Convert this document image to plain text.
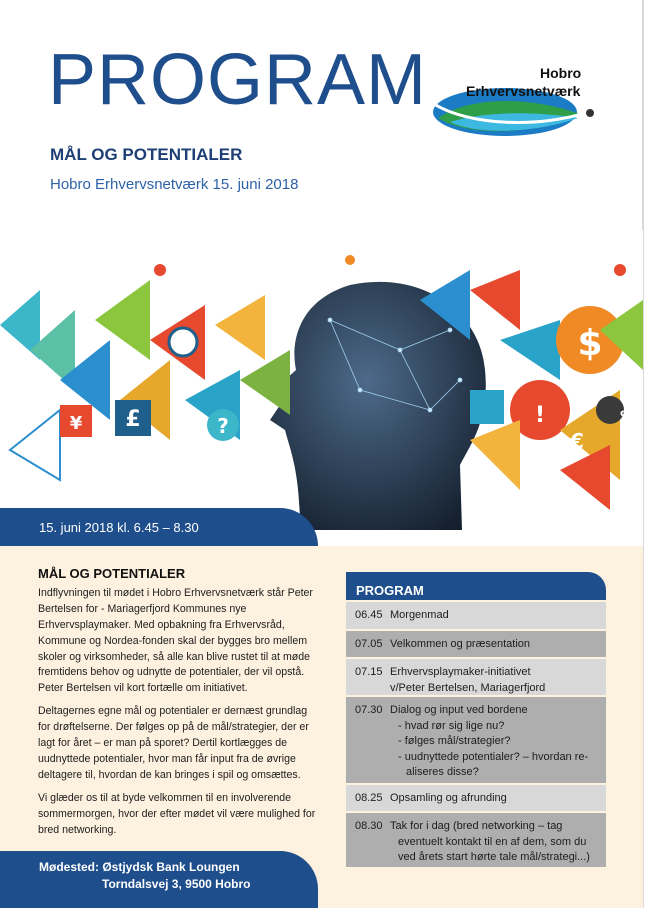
PROGRAM
MÅL OG POTENTIALER
Hobro Erhvervsnetværk 15. juni 2018
Hobro
Erhvervsnetværk
$
£
¥
€
%
!
?
15. juni 2018 kl. 6.45 – 8.30
MÅL OG POTENTIALER

Indflyvningen til mødet i Hobro Erhvervsnetværk står Peter Bertelsen for - Mariagerfjord Kommunes nye Erhvervsplaymaker. Med opbakning fra Erhvervsråd, Kommune og Nordea-fonden skal der bygges bro mellem skoler og virksomheder, så alle kan blive rustet til at møde fremtidens behov og udnytte de potentialer, der vil opstå. Peter Bertelsen vil kort fortælle om initiativet.

Deltagernes egne mål og potentialer er dernæst grundlag for drøftelserne. Der følges op på de mål/strategier, der er lagt for året – er man på sporet? Dertil kortlægges de uudnyttede potentialer, hvor man får input fra de øvrige deltagere til, hvordan de kan bringes i spil og omsættes.

Vi glæder os til at byde velkommen til en involverende sommermorgen, hvor der efter mødet vil være mulighed for bred networking.

Mødested: Østjydsk Bank Loungen
Torndalsvej 3, 9500 Hobro
PROGRAM
06.45 Morgenmad
07.05 Velkommen og præsentation
07.15 Erhvervsplaymaker-initiativet
v/Peter Bertelsen, Mariagerfjord
07.30 Dialog og input ved bordene
- hvad rør sig lige nu?
- følges mål/strategier?
- uudnyttede potentialer? – hvordan re-
aliseres disse?
08.25 Opsamling og afrunding
08.30 Tak for i dag (bred networking – tag
eventuelt kontakt til en af dem, som du
ved årets start hørte tale mål/strategi...)
